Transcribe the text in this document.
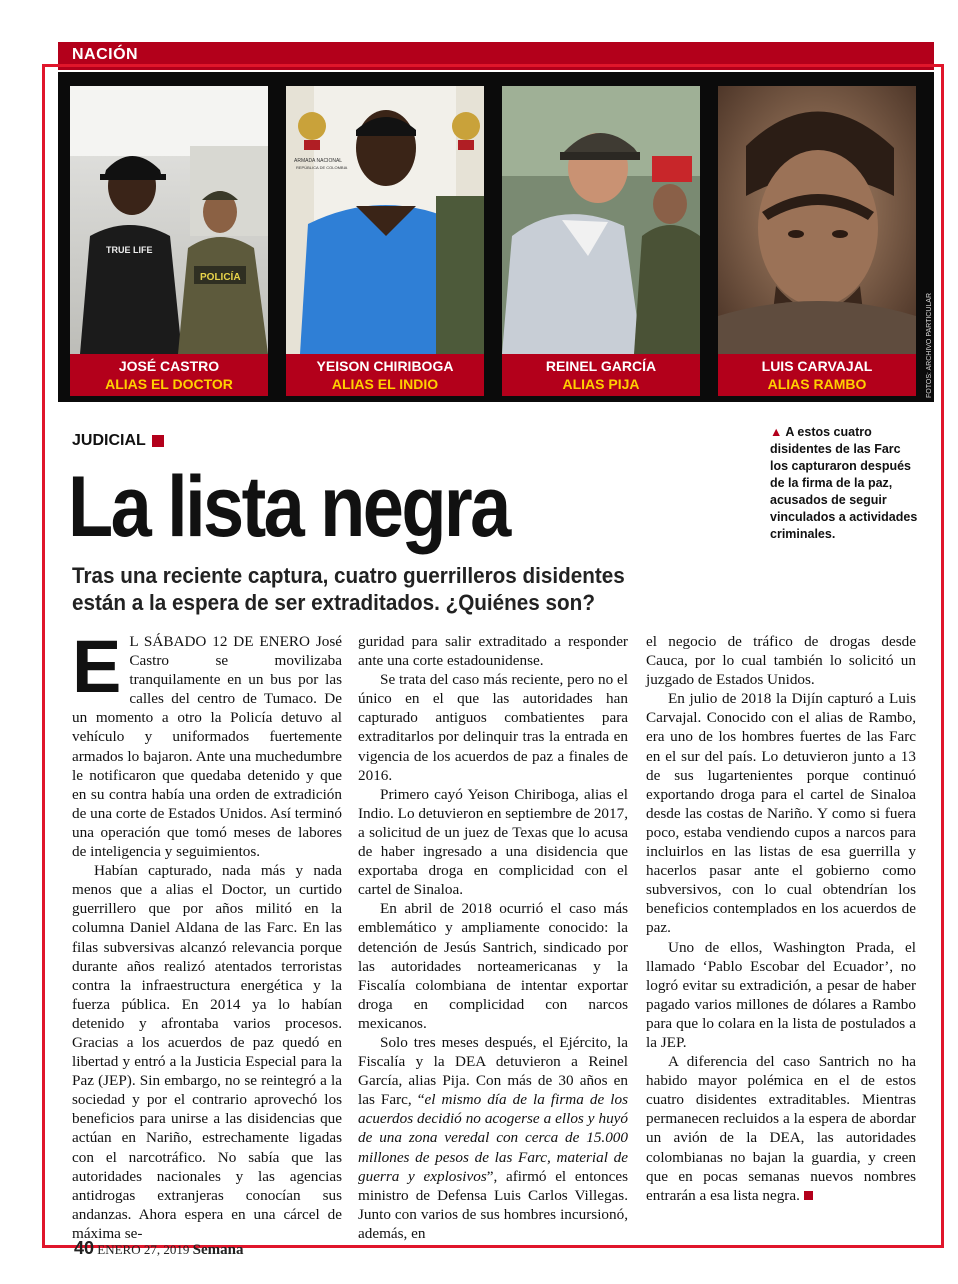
NACIÓN
TRUE LIFE
POLICÍA
JOSÉ CASTRO
ALIAS EL DOCTOR
ARMADA NACIONAL
REPÚBLICA DE COLOMBIA
YEISON CHIRIBOGA
ALIAS EL INDIO
REINEL GARCÍA
ALIAS PIJA
LUIS CARVAJAL
ALIAS RAMBO	FOTOS: ARCHIVO PARTICULAR
JUDICIAL
La lista negra
▲ A estos cuatro disidentes de las Farc los capturaron después de la firma de la paz, acusados de seguir vinculados a actividades criminales.
Tras una reciente captura, cuatro guerrilleros disidentes están a la espera de ser extraditados. ¿Quiénes son?

EL SÁBADO 12 DE ENERO José Castro se movilizaba tranquilamente en un bus por las calles del centro de Tumaco. De un momento a otro la Policía detuvo al vehículo y uniformados fuertemente armados lo bajaron. Ante una muchedumbre le notificaron que quedaba detenido y que en su contra había una orden de extradición de una corte de Estados Unidos. Así terminó una operación que tomó meses de labores de inteligencia y seguimientos.

Habían capturado, nada más y nada menos que a alias el Doctor, un curtido guerrillero que por años militó en la columna Daniel Aldana de las Farc. En las filas subversivas alcanzó relevancia porque durante años realizó atentados terroristas contra la infraestructura energética y la fuerza pública. En 2014 ya lo habían detenido y afrontaba varios procesos. Gracias a los acuerdos de paz quedó en libertad y entró a la Justicia Especial para la Paz (JEP). Sin embargo, no se reintegró a la sociedad y por el contrario aprovechó los beneficios para unirse a las disidencias que actúan en Nariño, estrechamente ligadas con el narcotráfico. No sabía que las autoridades nacionales y las agencias antidrogas extranjeras conocían sus andanzas. Ahora espera en una cárcel de máxima se-

guridad para salir extraditado a responder ante una corte estadounidense.

Se trata del caso más reciente, pero no el único en el que las autoridades han capturado antiguos combatientes para extraditarlos por delinquir tras la entrada en vigencia de los acuerdos de paz a finales de 2016.

Primero cayó Yeison Chiriboga, alias el Indio. Lo detuvieron en septiembre de 2017, a solicitud de un juez de Texas que lo acusa de haber ingresado a una disidencia que exportaba droga en complicidad con el cartel de Sinaloa.

En abril de 2018 ocurrió el caso más emblemático y ampliamente conocido: la detención de Jesús Santrich, sindicado por las autoridades norteamericanas y la Fiscalía colombiana de intentar exportar droga en complicidad con narcos mexicanos.

Solo tres meses después, el Ejército, la Fiscalía y la DEA detuvieron a Reinel García, alias Pija. Con más de 30 años en las Farc, “el mismo día de la firma de los acuerdos decidió no acogerse a ellos y huyó de una zona veredal con cerca de 15.000 millones de pesos de las Farc, material de guerra y explosivos”, afirmó el entonces ministro de Defensa Luis Carlos Villegas. Junto con varios de sus hombres incursionó, además, en

el negocio de tráfico de drogas desde Cauca, por lo cual también lo solicitó un juzgado de Estados Unidos.

En julio de 2018 la Dijín capturó a Luis Carvajal. Conocido con el alias de Rambo, era uno de los hombres fuertes de las Farc en el sur del país. Lo detuvieron junto a 13 de sus lugartenientes porque continuó exportando droga para el cartel de Sinaloa desde las costas de Nariño. Y como si fuera poco, estaba vendiendo cupos a narcos para incluirlos en las listas de esa guerrilla y hacerlos pasar ante el gobierno como subversivos, con lo cual obtendrían los beneficios contemplados en los acuerdos de paz.

Uno de ellos, Washington Prada, el llamado ‘Pablo Escobar del Ecuador’, no logró evitar su extradición, a pesar de haber pagado varios millones de dólares a Rambo para que lo colara en la lista de postulados a la JEP.

A diferencia del caso Santrich no ha habido mayor polémica en el de estos cuatro disidentes extraditables. Mientras permanecen recluidos a la espera de abordar un avión de la DEA, las autoridades colombianas no bajan la guardia, y creen que en pocas semanas nuevos nombres entrarán a esa lista negra.

40 ENERO 27, 2019 Semana
